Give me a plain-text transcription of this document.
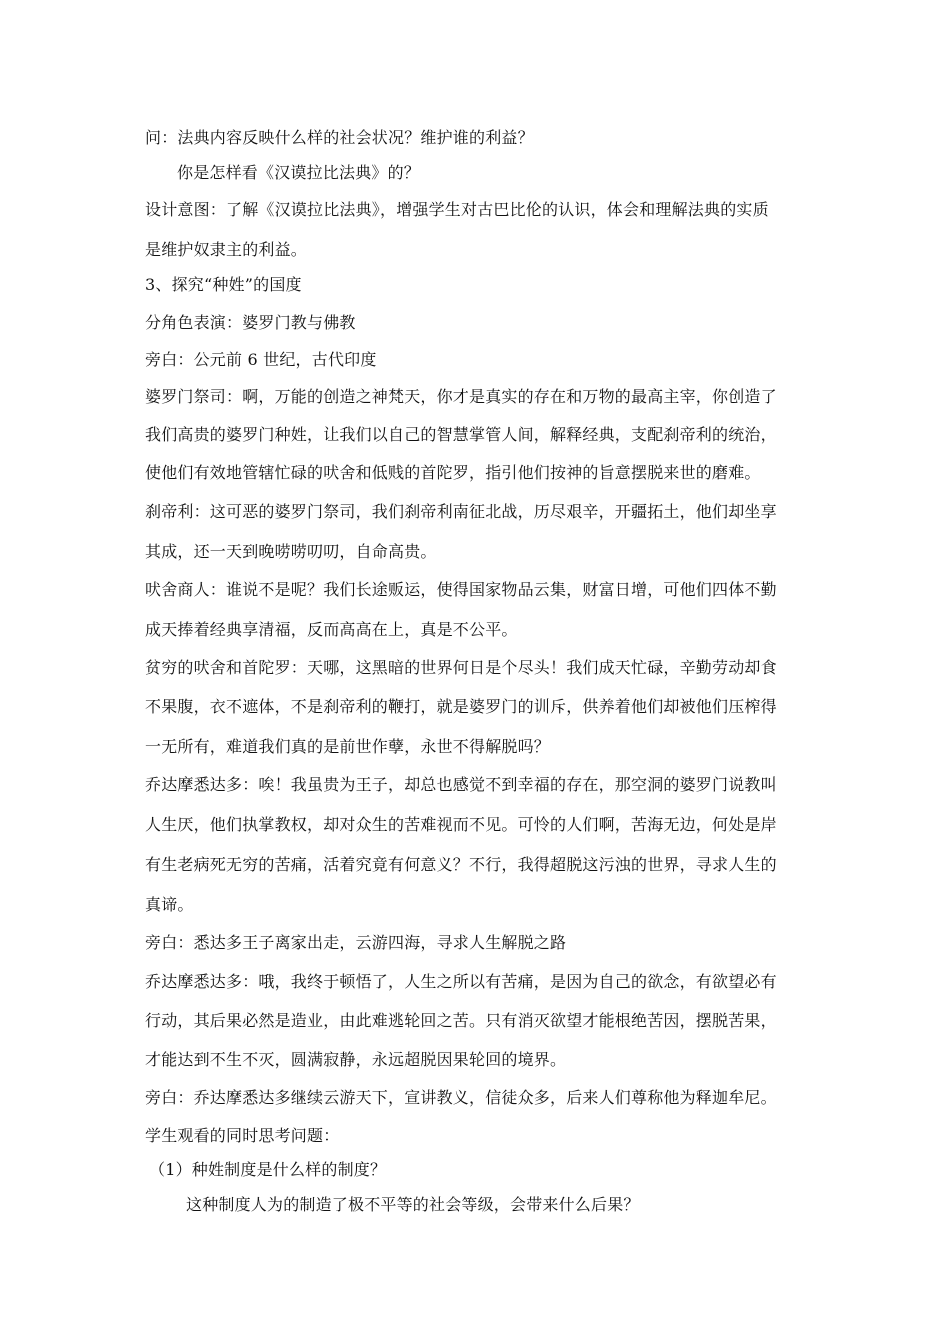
问：法典内容反映什么样的社会状况？维护谁的利益？
你是怎样看《汉谟拉比法典》的？
设计意图：了解《汉谟拉比法典》，增强学生对古巴比伦的认识，体会和理解法典的实质
是维护奴隶主的利益。
3、探究“种姓”的国度
分角色表演：婆罗门教与佛教
旁白：公元前 6 世纪，古代印度
婆罗门祭司：啊，万能的创造之神梵天，你才是真实的存在和万物的最高主宰，你创造了
我们高贵的婆罗门种姓，让我们以自己的智慧掌管人间，解释经典，支配刹帝利的统治，
使他们有效地管辖忙碌的吠舍和低贱的首陀罗，指引他们按神的旨意摆脱来世的磨难。
刹帝利：这可恶的婆罗门祭司，我们刹帝利南征北战，历尽艰辛，开疆拓土，他们却坐享
其成，还一天到晚唠唠叨叨，自命高贵。
吠舍商人：谁说不是呢？我们长途贩运，使得国家物品云集，财富日增，可他们四体不勤
成天捧着经典享清福，反而高高在上，真是不公平。
贫穷的吠舍和首陀罗：天哪，这黑暗的世界何日是个尽头！我们成天忙碌，辛勤劳动却食
不果腹，衣不遮体，不是刹帝利的鞭打，就是婆罗门的训斥，供养着他们却被他们压榨得
一无所有，难道我们真的是前世作孽，永世不得解脱吗？
乔达摩悉达多：唉！我虽贵为王子，却总也感觉不到幸福的存在，那空洞的婆罗门说教叫
人生厌，他们执掌教权，却对众生的苦难视而不见。可怜的人们啊，苦海无边，何处是岸
有生老病死无穷的苦痛，活着究竟有何意义？不行，我得超脱这污浊的世界，寻求人生的
真谛。
旁白：悉达多王子离家出走，云游四海，寻求人生解脱之路
乔达摩悉达多：哦，我终于顿悟了，人生之所以有苦痛，是因为自己的欲念，有欲望必有
行动，其后果必然是造业，由此难逃轮回之苦。只有消灭欲望才能根绝苦因，摆脱苦果，
才能达到不生不灭，圆满寂静，永远超脱因果轮回的境界。
旁白：乔达摩悉达多继续云游天下，宣讲教义，信徒众多，后来人们尊称他为释迦牟尼。
学生观看的同时思考问题：
（1）种姓制度是什么样的制度？
这种制度人为的制造了极不平等的社会等级，会带来什么后果？
